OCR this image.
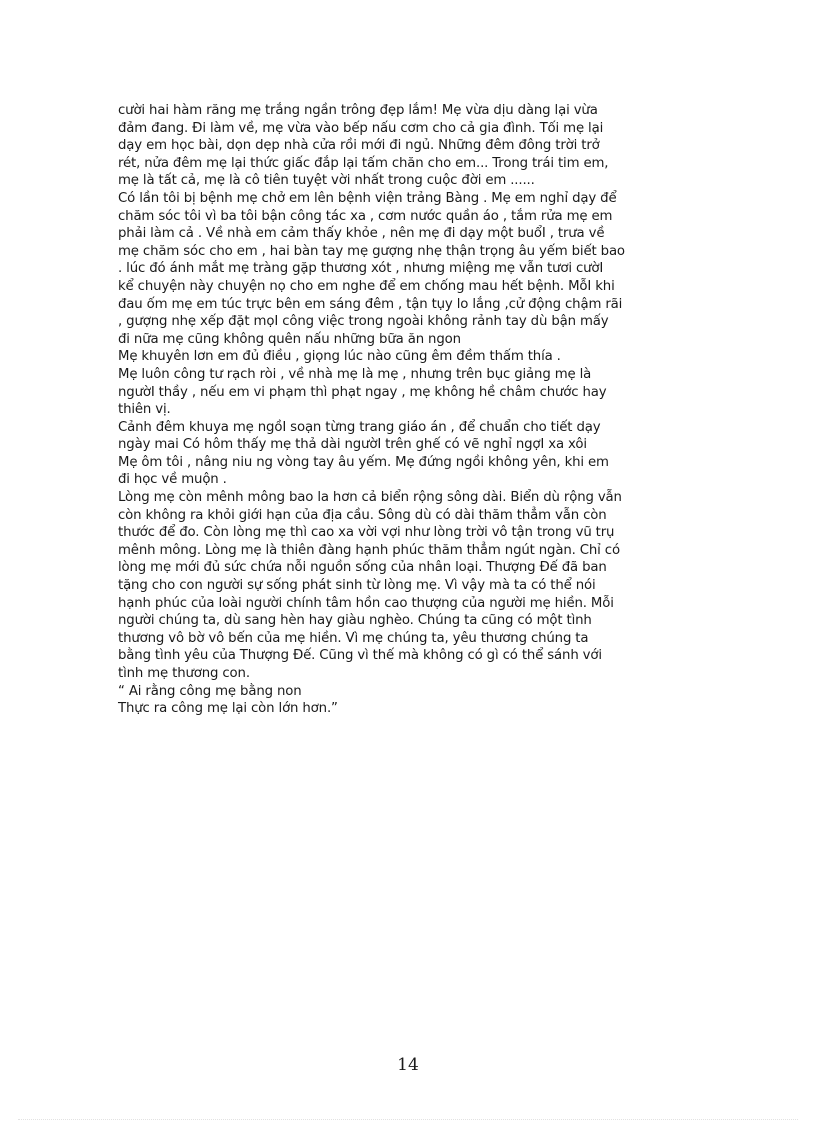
cười hai hàm răng mẹ trắng ngần trông đẹp lắm! Mẹ vừa dịu dàng lại vừa
đảm đang. Đi làm về, mẹ vừa vào bếp nấu cơm cho cả gia đình. Tối mẹ lại
dạy em học bài, dọn dẹp nhà cửa rồi mới đi ngủ. Những đêm đông trời trở
rét, nửa đêm mẹ lại thức giấc đắp lại tấm chăn cho em... Trong trái tim em,
mẹ là tất cả, mẹ là cô tiên tuyệt vời nhất trong cuộc đời em ......
Có lần tôi bị bệnh mẹ chở em lên bệnh viện trảng Bàng . Mẹ em nghỉ dạy để
chăm sóc tôi vì ba tôi bận công tác xa , cơm nước quần áo , tắm rửa mẹ em
phải làm cả . Về nhà em cảm thấy khỏe , nên mẹ đi dạy một buổI , trưa về
mẹ chăm sóc cho em , hai bàn tay mẹ gượng nhẹ thận trọng âu yếm biết bao
. lúc đó ánh mắt mẹ tràng gặp thương xót , nhưng miệng mẹ vẫn tươi cườI
kể chuyện này chuyện nọ cho em nghe để em chống mau hết bệnh. MỗI khi
đau ốm mẹ em túc trực bên em sáng đêm , tận tụy lo lắng ,cử động chậm rãi
, gượng nhẹ xếp đặt mọI công việc trong ngoài không rảnh tay dù bận mấy
đi nữa mẹ cũng không quên nấu những bữa ăn ngon
Mẹ khuyên lơn em đủ điều , giọng lúc nào cũng êm đềm thấm thía .
Mẹ luôn công tư rạch ròi , về nhà mẹ là mẹ , nhưng trên bục giảng mẹ là
ngườI thầy , nếu em vi phạm thì phạt ngay , mẹ không hề châm chước hay
thiên vị.
Cảnh đêm khuya mẹ ngồI soạn từng trang giáo án , để chuẩn cho tiết dạy
ngày mai Có hôm thấy mẹ thả dài ngườI trên ghế có vẽ nghỉ ngợI xa xôi
Mẹ ôm tôi , nâng niu ng vòng tay âu yếm. Mẹ đứng ngồi không yên, khi em
đi học về muộn .
Lòng mẹ còn mênh mông bao la hơn cả biển rộng sông dài. Biển dù rộng vẫn
còn không ra khỏi giới hạn của địa cầu. Sông dù có dài thăm thẳm vẫn còn
thước để đo. Còn lòng mẹ thì cao xa vời vợi như lòng trời vô tận trong vũ trụ
mênh mông. Lòng mẹ là thiên đàng hạnh phúc thăm thẳm ngút ngàn. Chỉ có
lòng mẹ mới đủ sức chứa nỗi nguồn sống của nhân loại. Thượng Đế đã ban
tặng cho con người sự sống phát sinh từ lòng mẹ. Vì vậy mà ta có thể nói
hạnh phúc của loài người chính tâm hồn cao thượng của người mẹ hiền. Mỗi
người chúng ta, dù sang hèn hay giàu nghèo. Chúng ta cũng có một tình
thương vô bờ vô bến của mẹ hiền. Vì mẹ chúng ta, yêu thương chúng ta
bằng tình yêu của Thượng Đế. Cũng vì thế mà không có gì có thể sánh với
tình mẹ thương con.
“ Ai rằng công mẹ bằng non
Thực ra công mẹ lại còn lớn hơn.”
14
